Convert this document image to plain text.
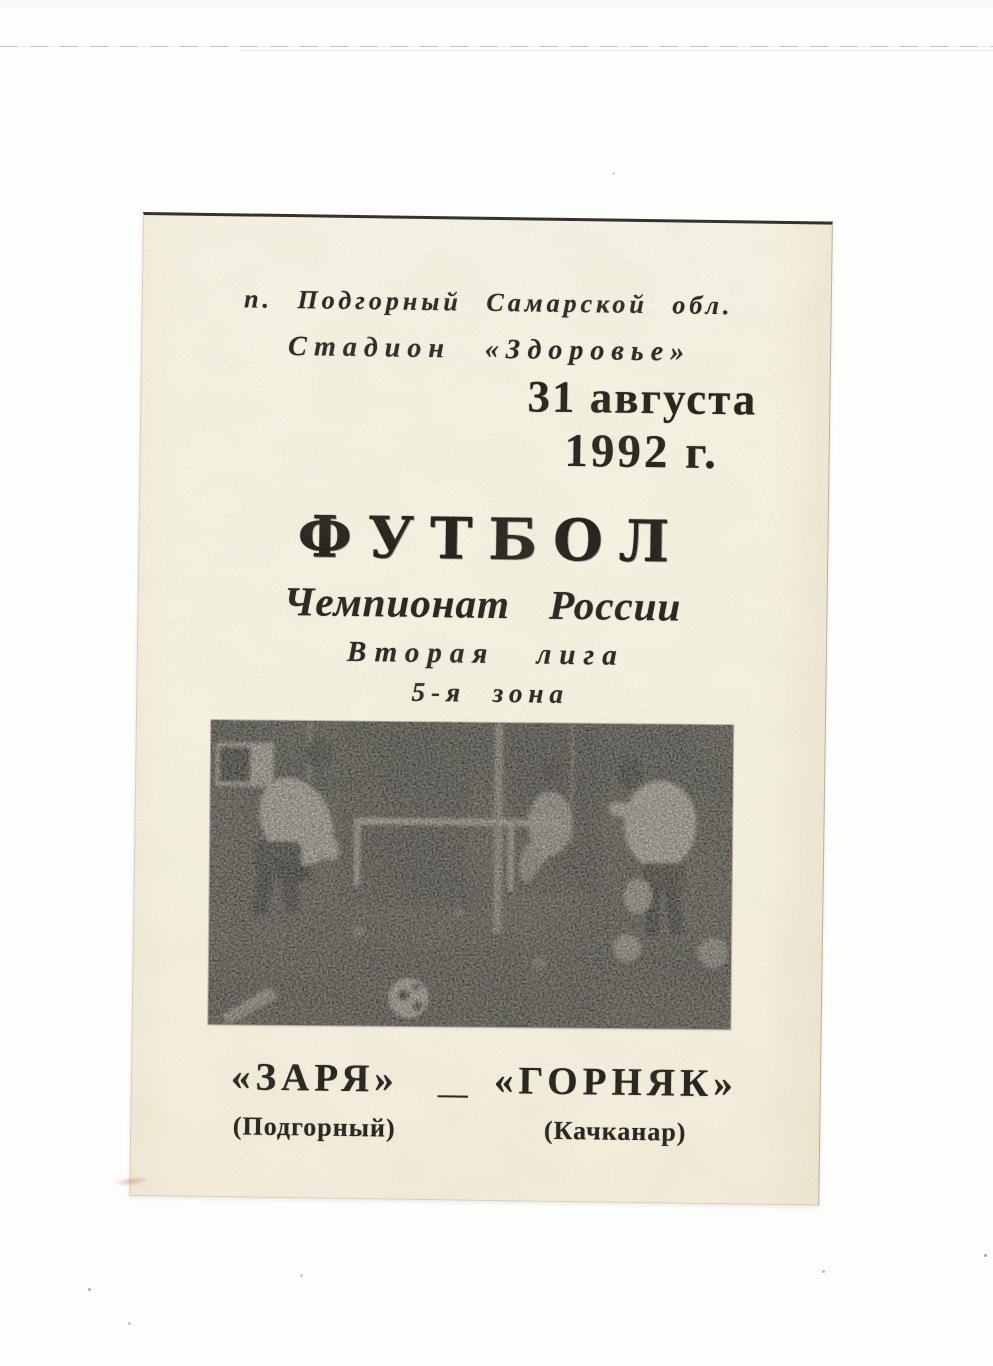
п. Подгорный Самарской обл.
Стадион «Здоровье»
31 августа
1992 г.
ФУТБОЛ
Чемпионат России
Вторая лига
5-я зона
«ЗАРЯ»
(Подгорный)
— «ГОРНЯК»
(Качканар)
